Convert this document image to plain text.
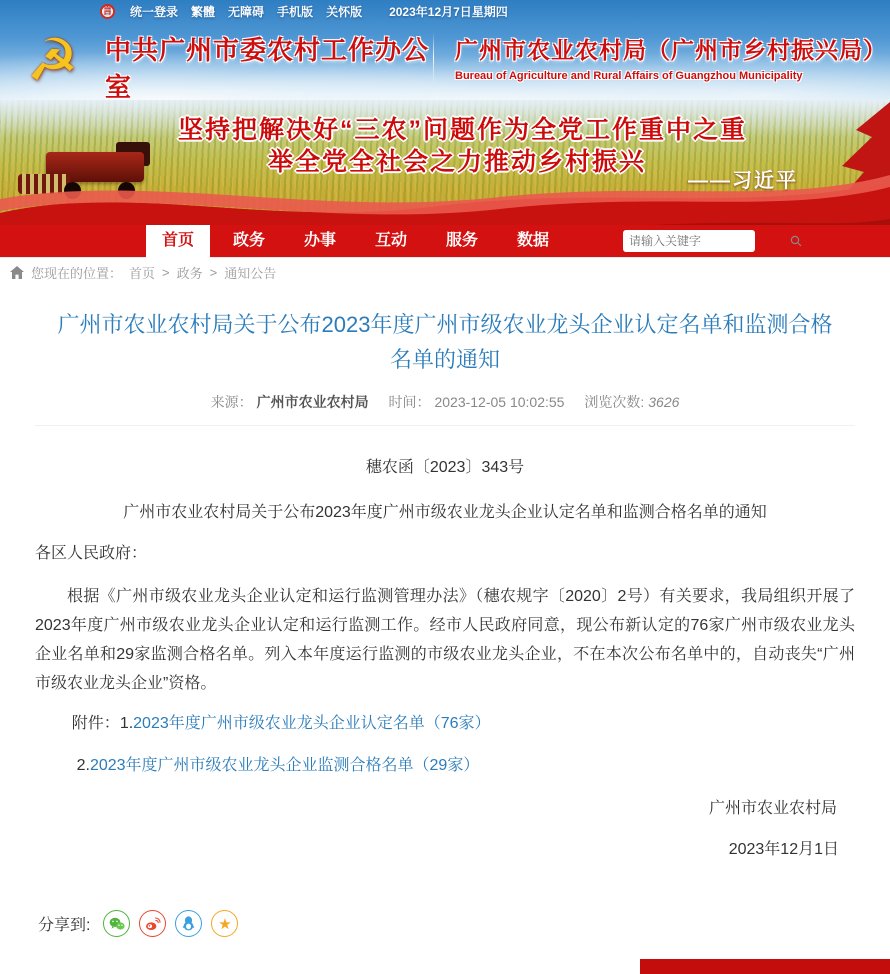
言 统一登录 繁體 无障碍 手机版 关怀版 2023年12月7日星期四
☭	中共广州市委农村工作办公室
广州市农业农村局（广州市乡村振兴局）
Bureau of Agriculture and Rural Affairs of Guangzhou Municipality
坚持把解决好“三农”问题作为全党工作重中之重
举全党全社会之力推动乡村振兴
——习近平
首页	政务	办事	互动	服务	数据
请输入关键字
您现在的位置： 首页 > 政务 > 通知公告
广州市农业农村局关于公布2023年度广州市级农业龙头企业认定名单和监测合格名单的通知
来源： 广州市农业农村局 时间： 2023-12-05 10:02:55 浏览次数: 3626
穗农函〔2023〕343号
广州市农业农村局关于公布2023年度广州市级农业龙头企业认定名单和监测合格名单的通知
各区人民政府：
根据《广州市级农业龙头企业认定和运行监测管理办法》（穗农规字〔2020〕2号）有关要求，我局组织开展了2023年度广州市级农业龙头企业认定和运行监测工作。经市人民政府同意，现公布新认定的76家广州市级农业龙头企业名单和29家监测合格名单。列入本年度运行监测的市级农业龙头企业，不在本次公布名单中的，自动丧失“广州市级农业龙头企业”资格。
附件：1.2023年度广州市级农业龙头企业认定名单（76家）
2.2023年度广州市级农业龙头企业监测合格名单（29家）
广州市农业农村局
2023年12月1日
分享到:	★
